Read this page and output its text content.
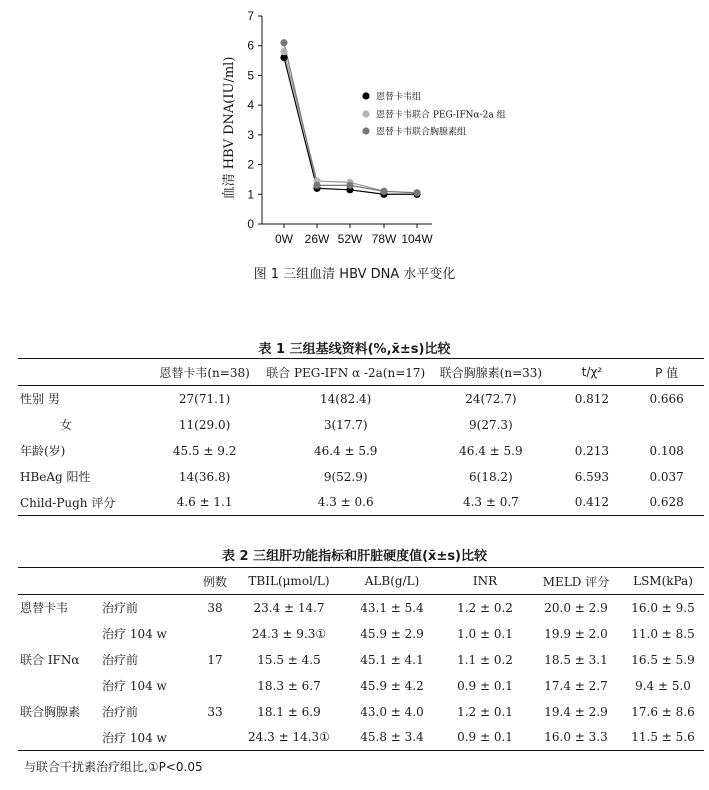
0
1
2
3
4
5
6
7
0W 26W 52W 78W 104W
血清 HBV DNA(IU/ml)	恩替卡韦组
恩替卡韦联合 PEG-IFNα-2a 组
恩替卡韦联合胸腺素组
图 1 三组血清 HBV DNA 水平变化
表 1 三组基线资料(%,x̄±s)比较
	恩替卡韦(n=38)	联合 PEG-IFN α -2a(n=17)	联合胸腺素(n=33)	t/χ²	P 值
性别 男	27(71.1)	14(82.4)	24(72.7)	0.812	0.666
女	11(29.0)	3(17.7)	9(27.3)		
年龄(岁)	45.5 ± 9.2	46.4 ± 5.9	46.4 ± 5.9	0.213	0.108
HBeAg 阳性	14(36.8)	9(52.9)	6(18.2)	6.593	0.037
Child-Pugh 评分	4.6 ± 1.1	4.3 ± 0.6	4.3 ± 0.7	0.412	0.628
表 2 三组肝功能指标和肝脏硬度值(x̄±s)比较
		例数	TBIL(μmol/L)	ALB(g/L)	INR	MELD 评分	LSM(kPa)
恩替卡韦	治疗前	38	23.4 ± 14.7	43.1 ± 5.4	1.2 ± 0.2	20.0 ± 2.9	16.0 ± 9.5
	治疗 104 w		24.3 ± 9.3①	45.9 ± 2.9	1.0 ± 0.1	19.9 ± 2.0	11.0 ± 8.5
联合 IFNα	治疗前	17	15.5 ± 4.5	45.1 ± 4.1	1.1 ± 0.2	18.5 ± 3.1	16.5 ± 5.9
	治疗 104 w		18.3 ± 6.7	45.9 ± 4.2	0.9 ± 0.1	17.4 ± 2.7	9.4 ± 5.0
联合胸腺素	治疗前	33	18.1 ± 6.9	43.0 ± 4.0	1.2 ± 0.1	19.4 ± 2.9	17.6 ± 8.6
	治疗 104 w		24.3 ± 14.3①	45.8 ± 3.4	0.9 ± 0.1	16.0 ± 3.3	11.5 ± 5.6
与联合干扰素治疗组比,①P<0.05
